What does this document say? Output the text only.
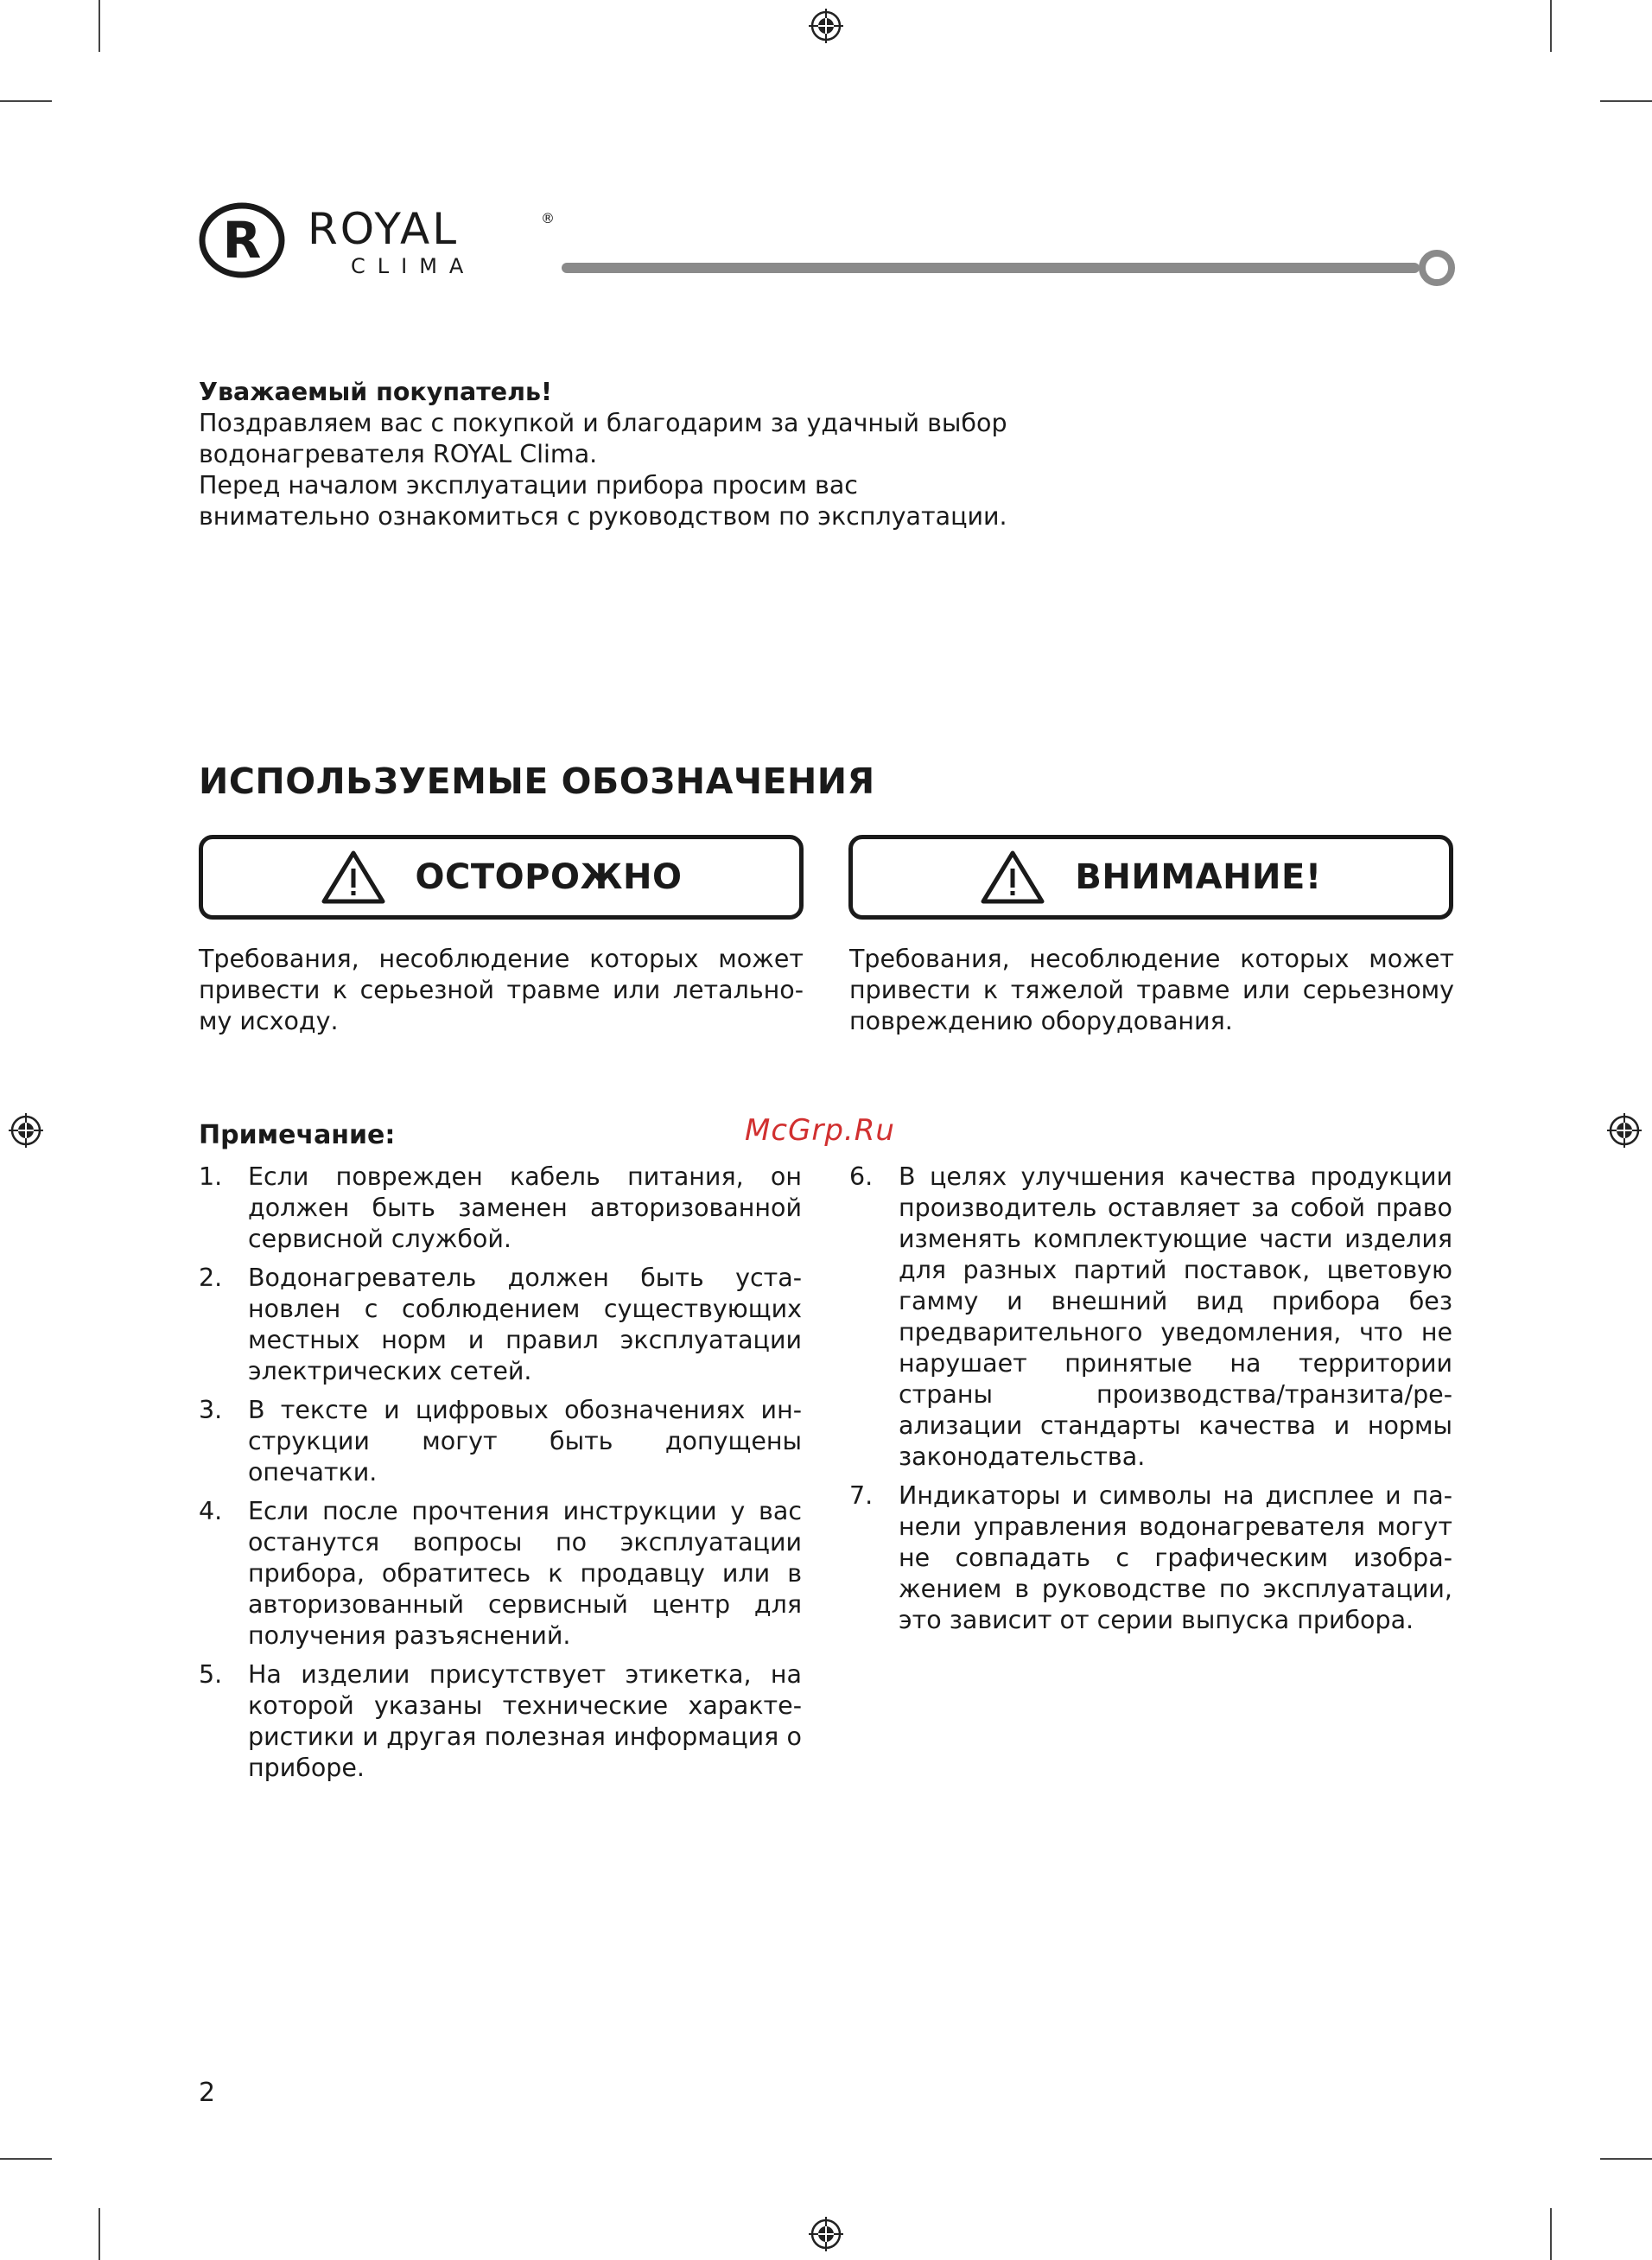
R ROYAL	®
CLIMA
Уважаемый покупатель!
Поздравляем вас с покупкой и благодарим за удачный выбор
водонагревателя ROYAL Clima.
Перед началом эксплуатации прибора просим вас
внимательно ознакомиться с руководством по эксплуатации.
ИСПОЛЬЗУЕМЫЕ ОБОЗНАЧЕНИЯ
ОСТОРОЖНО	ВНИМАНИЕ!
Требования, несоблюдение которых может привести к серьезной травме или летальному исходу.
Требования, несоблюдение которых может привести к тяжелой травме или серьезному повреждению оборудования.
Примечание:	McGrp.Ru
1.	Если поврежден кабель питания, он должен быть заменен авторизованной сервисной службой.
2.	Водонагреватель должен быть установлен с соблюдением существующих местных норм и правил эксплуатации электрических сетей.
3.	В тексте и цифровых обозначениях инструкции могут быть допущены опечатки.
4.	Если после прочтения инструкции у вас останутся вопросы по эксплуатации прибора, обратитесь к продавцу или в авторизованный сервисный центр для получения разъяснений.
5.	На изделии присутствует этикетка, на которой указаны технические характеристики и другая полезная информация о приборе.
6.	В целях улучшения качества продукции производитель оставляет за собой право изменять комплектующие части изделия для разных партий поставок, цветовую гамму и внешний вид прибора без предварительного уведомления, что не нарушает принятые на территории страны производства/транзита/реализации стандарты качества и нормы законодательства.
7.	Индикаторы и символы на дисплее и панели управления водонагревателя могут не совпадать с графическим изображением в руководстве по эксплуатации, это зависит от серии выпуска прибора.
2
